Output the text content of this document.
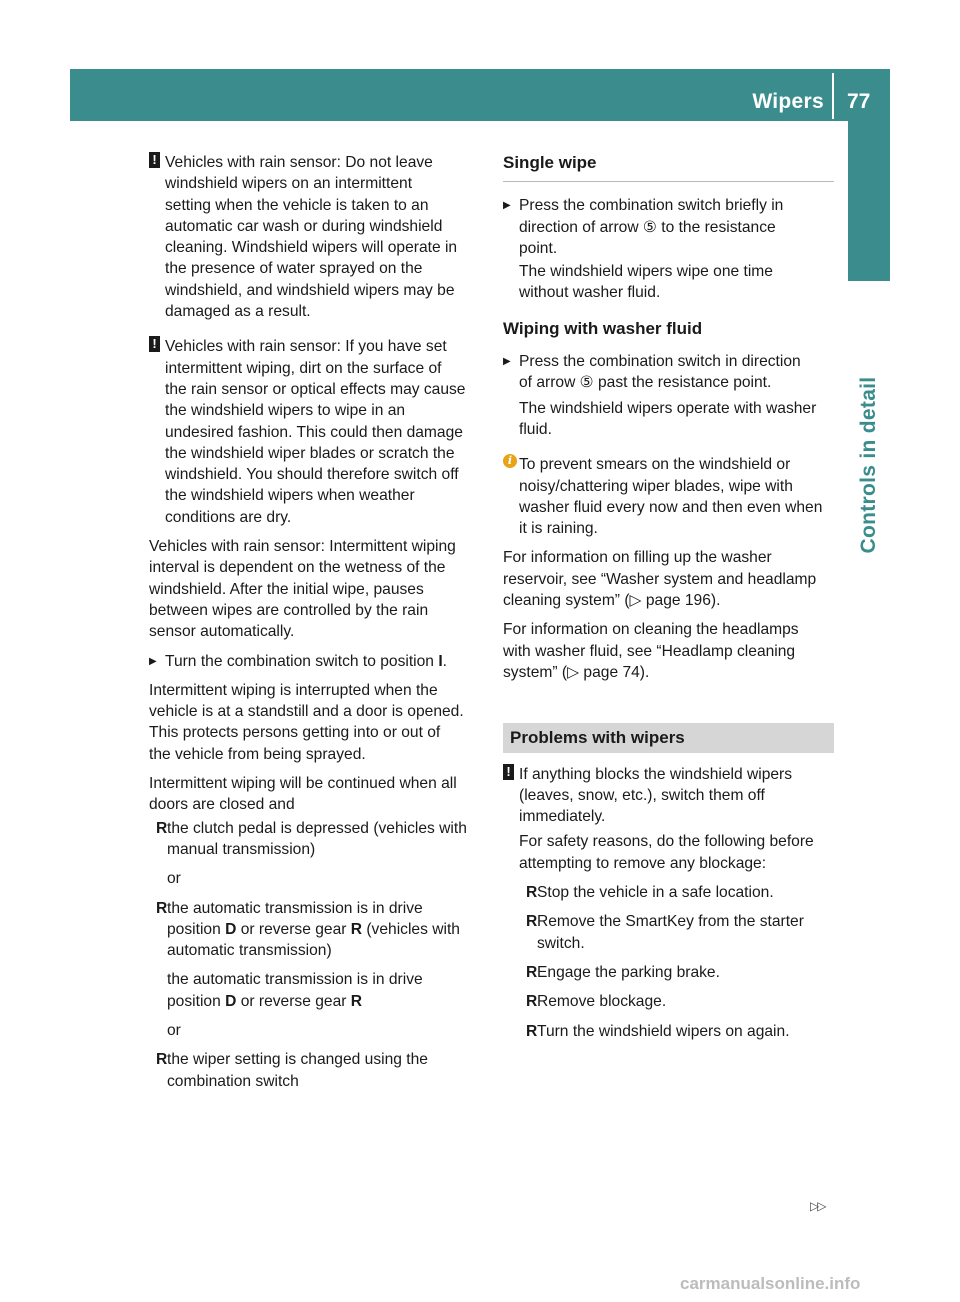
Wipers 77
Controls in detail

! Vehicles with rain sensor: Do not leave
windshield wipers on an intermittent
setting when the vehicle is taken to an
automatic car wash or during windshield
cleaning. Windshield wipers will operate in
the presence of water sprayed on the
windshield, and windshield wipers may be
damaged as a result.

! Vehicles with rain sensor: If you have set
intermittent wiping, dirt on the surface of
the rain sensor or optical effects may cause
the windshield wipers to wipe in an
undesired fashion. This could then damage
the windshield wiper blades or scratch the
windshield. You should therefore switch off
the windshield wipers when weather
conditions are dry.

Vehicles with rain sensor: Intermittent wiping
interval is dependent on the wetness of the
windshield. After the initial wipe, pauses
between wipes are controlled by the rain
sensor automatically.

▶ Turn the combination switch to position I.

Intermittent wiping is interrupted when the
vehicle is at a standstill and a door is opened.
This protects persons getting into or out of
the vehicle from being sprayed.

Intermittent wiping will be continued when all
doors are closed and

R the clutch pedal is depressed (vehicles with
manual transmission)

or

R the automatic transmission is in drive
position D or reverse gear R (vehicles with
automatic transmission)

the automatic transmission is in drive
position D or reverse gear R

or

R the wiper setting is changed using the
combination switch

Single wipe

▶ Press the combination switch briefly in
direction of arrow ⑤ to the resistance
point.

The windshield wipers wipe one time
without washer fluid.

Wiping with washer fluid

▶ Press the combination switch in direction
of arrow ⑤ past the resistance point.

The windshield wipers operate with washer
fluid.

i To prevent smears on the windshield or
noisy/chattering wiper blades, wipe with
washer fluid every now and then even when
it is raining.

For information on filling up the washer
reservoir, see “Washer system and headlamp
cleaning system” (▷ page 196).

For information on cleaning the headlamps
with washer fluid, see “Headlamp cleaning
system” (▷ page 74).

Problems with wipers

! If anything blocks the windshield wipers
(leaves, snow, etc.), switch them off
immediately.

For safety reasons, do the following before
attempting to remove any blockage:

R Stop the vehicle in a safe location.

R Remove the SmartKey from the starter
switch.

R Engage the parking brake.

R Remove blockage.

R Turn the windshield wipers on again.

▷▷
carmanualsonline.info
